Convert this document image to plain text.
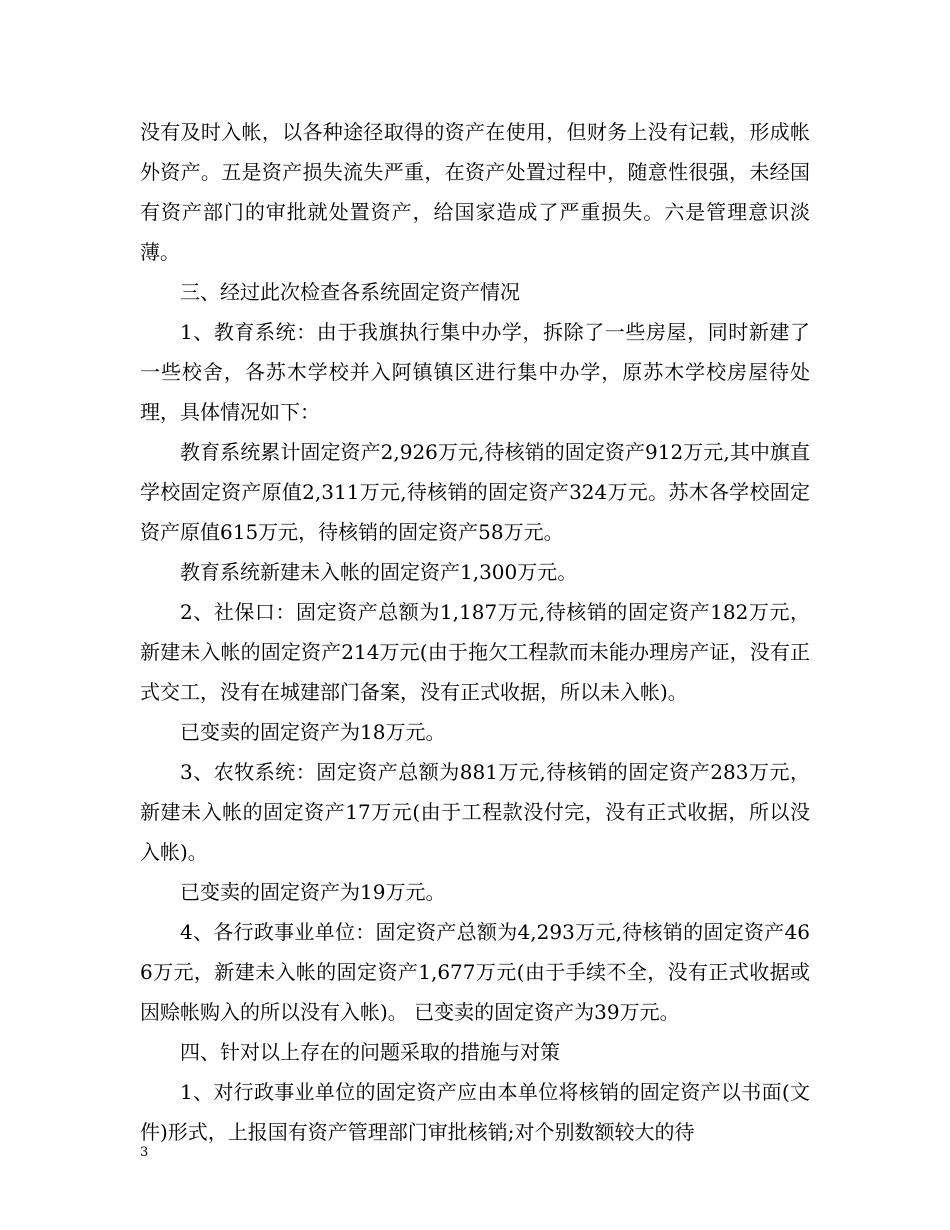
没有及时入帐，以各种途径取得的资产在使用，但财务上没有记载，形成帐外资产。五是资产损失流失严重，在资产处置过程中，随意性很强，未经国有资产部门的审批就处置资产，给国家造成了严重损失。六是管理意识淡薄。

三、经过此次检查各系统固定资产情况

1、教育系统：由于我旗执行集中办学，拆除了一些房屋，同时新建了一些校舍，各苏木学校并入阿镇镇区进行集中办学，原苏木学校房屋待处理，具体情况如下：

教育系统累计固定资产2,926万元,待核销的固定资产912万元,其中旗直学校固定资产原值2,311万元,待核销的固定资产324万元。苏木各学校固定资产原值615万元，待核销的固定资产58万元。

教育系统新建未入帐的固定资产1,300万元。

2、社保口：固定资产总额为1,187万元,待核销的固定资产182万元，新建未入帐的固定资产214万元(由于拖欠工程款而未能办理房产证，没有正式交工，没有在城建部门备案，没有正式收据，所以未入帐)。

已变卖的固定资产为18万元。

3、农牧系统：固定资产总额为881万元,待核销的固定资产283万元，新建未入帐的固定资产17万元(由于工程款没付完，没有正式收据，所以没入帐)。

已变卖的固定资产为19万元。

4、各行政事业单位：固定资产总额为4,293万元,待核销的固定资产466万元，新建未入帐的固定资产1,677万元(由于手续不全，没有正式收据或因赊帐购入的所以没有入帐)。 已变卖的固定资产为39万元。

四、针对以上存在的问题采取的措施与对策

1、对行政事业单位的固定资产应由本单位将核销的固定资产以书面(文件)形式，上报国有资产管理部门审批核销;对个别数额较大的待

3
